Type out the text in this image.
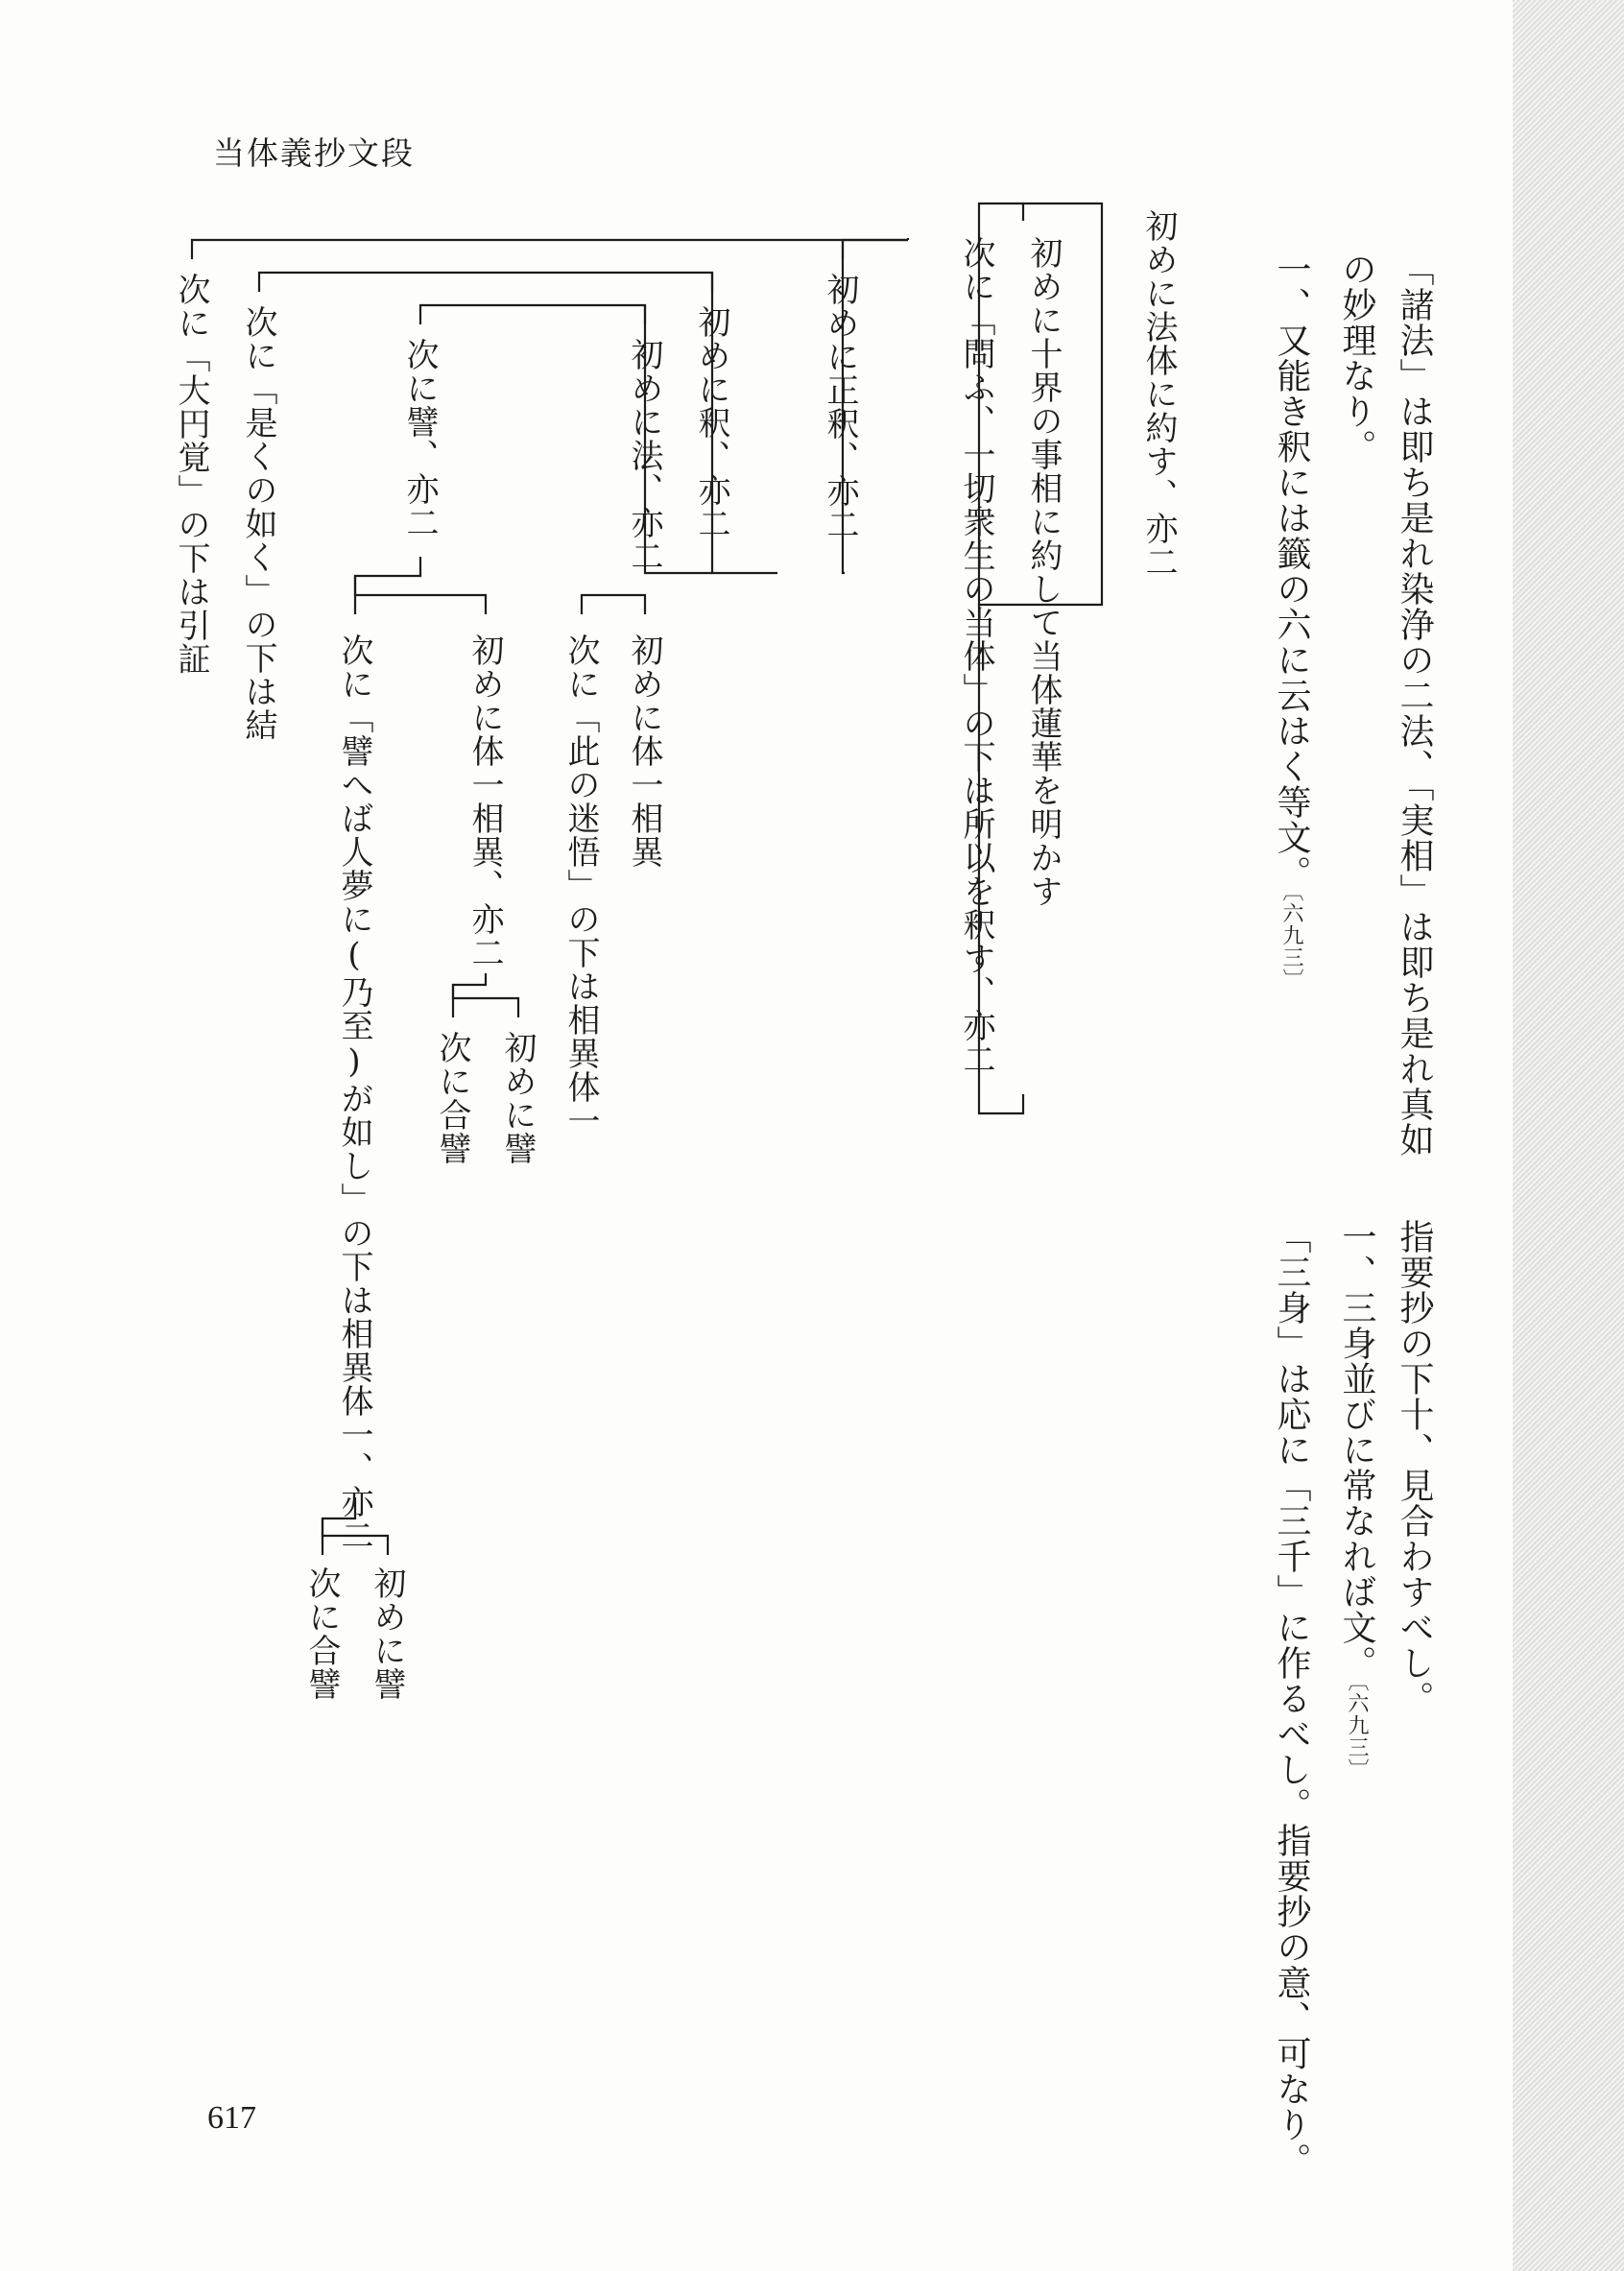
当体義抄文段
「諸法」は即ち是れ染浄の二法、「実相」は即ち是れ真如
の妙理なり。
一、又能き釈には籤の六に云はく等文。〔六九三〕
指要抄の下十、見合わすべし。
一、三身並びに常なれば文。〔六九三〕
「三身」は応に「三千」に作るべし。指要抄の意、可なり。
初めに法体に約す、亦二
初めに十界の事相に約して当体蓮華を明かす
次に「問ふ、一切衆生の当体」の下は所以を釈す、亦二
初めに正釈、亦二
初めに釈、亦二
初めに法、亦二
初めに体一相異
次に「此の迷悟」の下は相異体一
次に譬、亦二
初めに体一相異、亦二
初めに譬
次に合譬
次に「譬へば人夢に(乃至)が如し」の下は相異体一、亦二
初めに譬
次に合譬
次に「是くの如く」の下は結
次に「大円覚」の下は引証
617
